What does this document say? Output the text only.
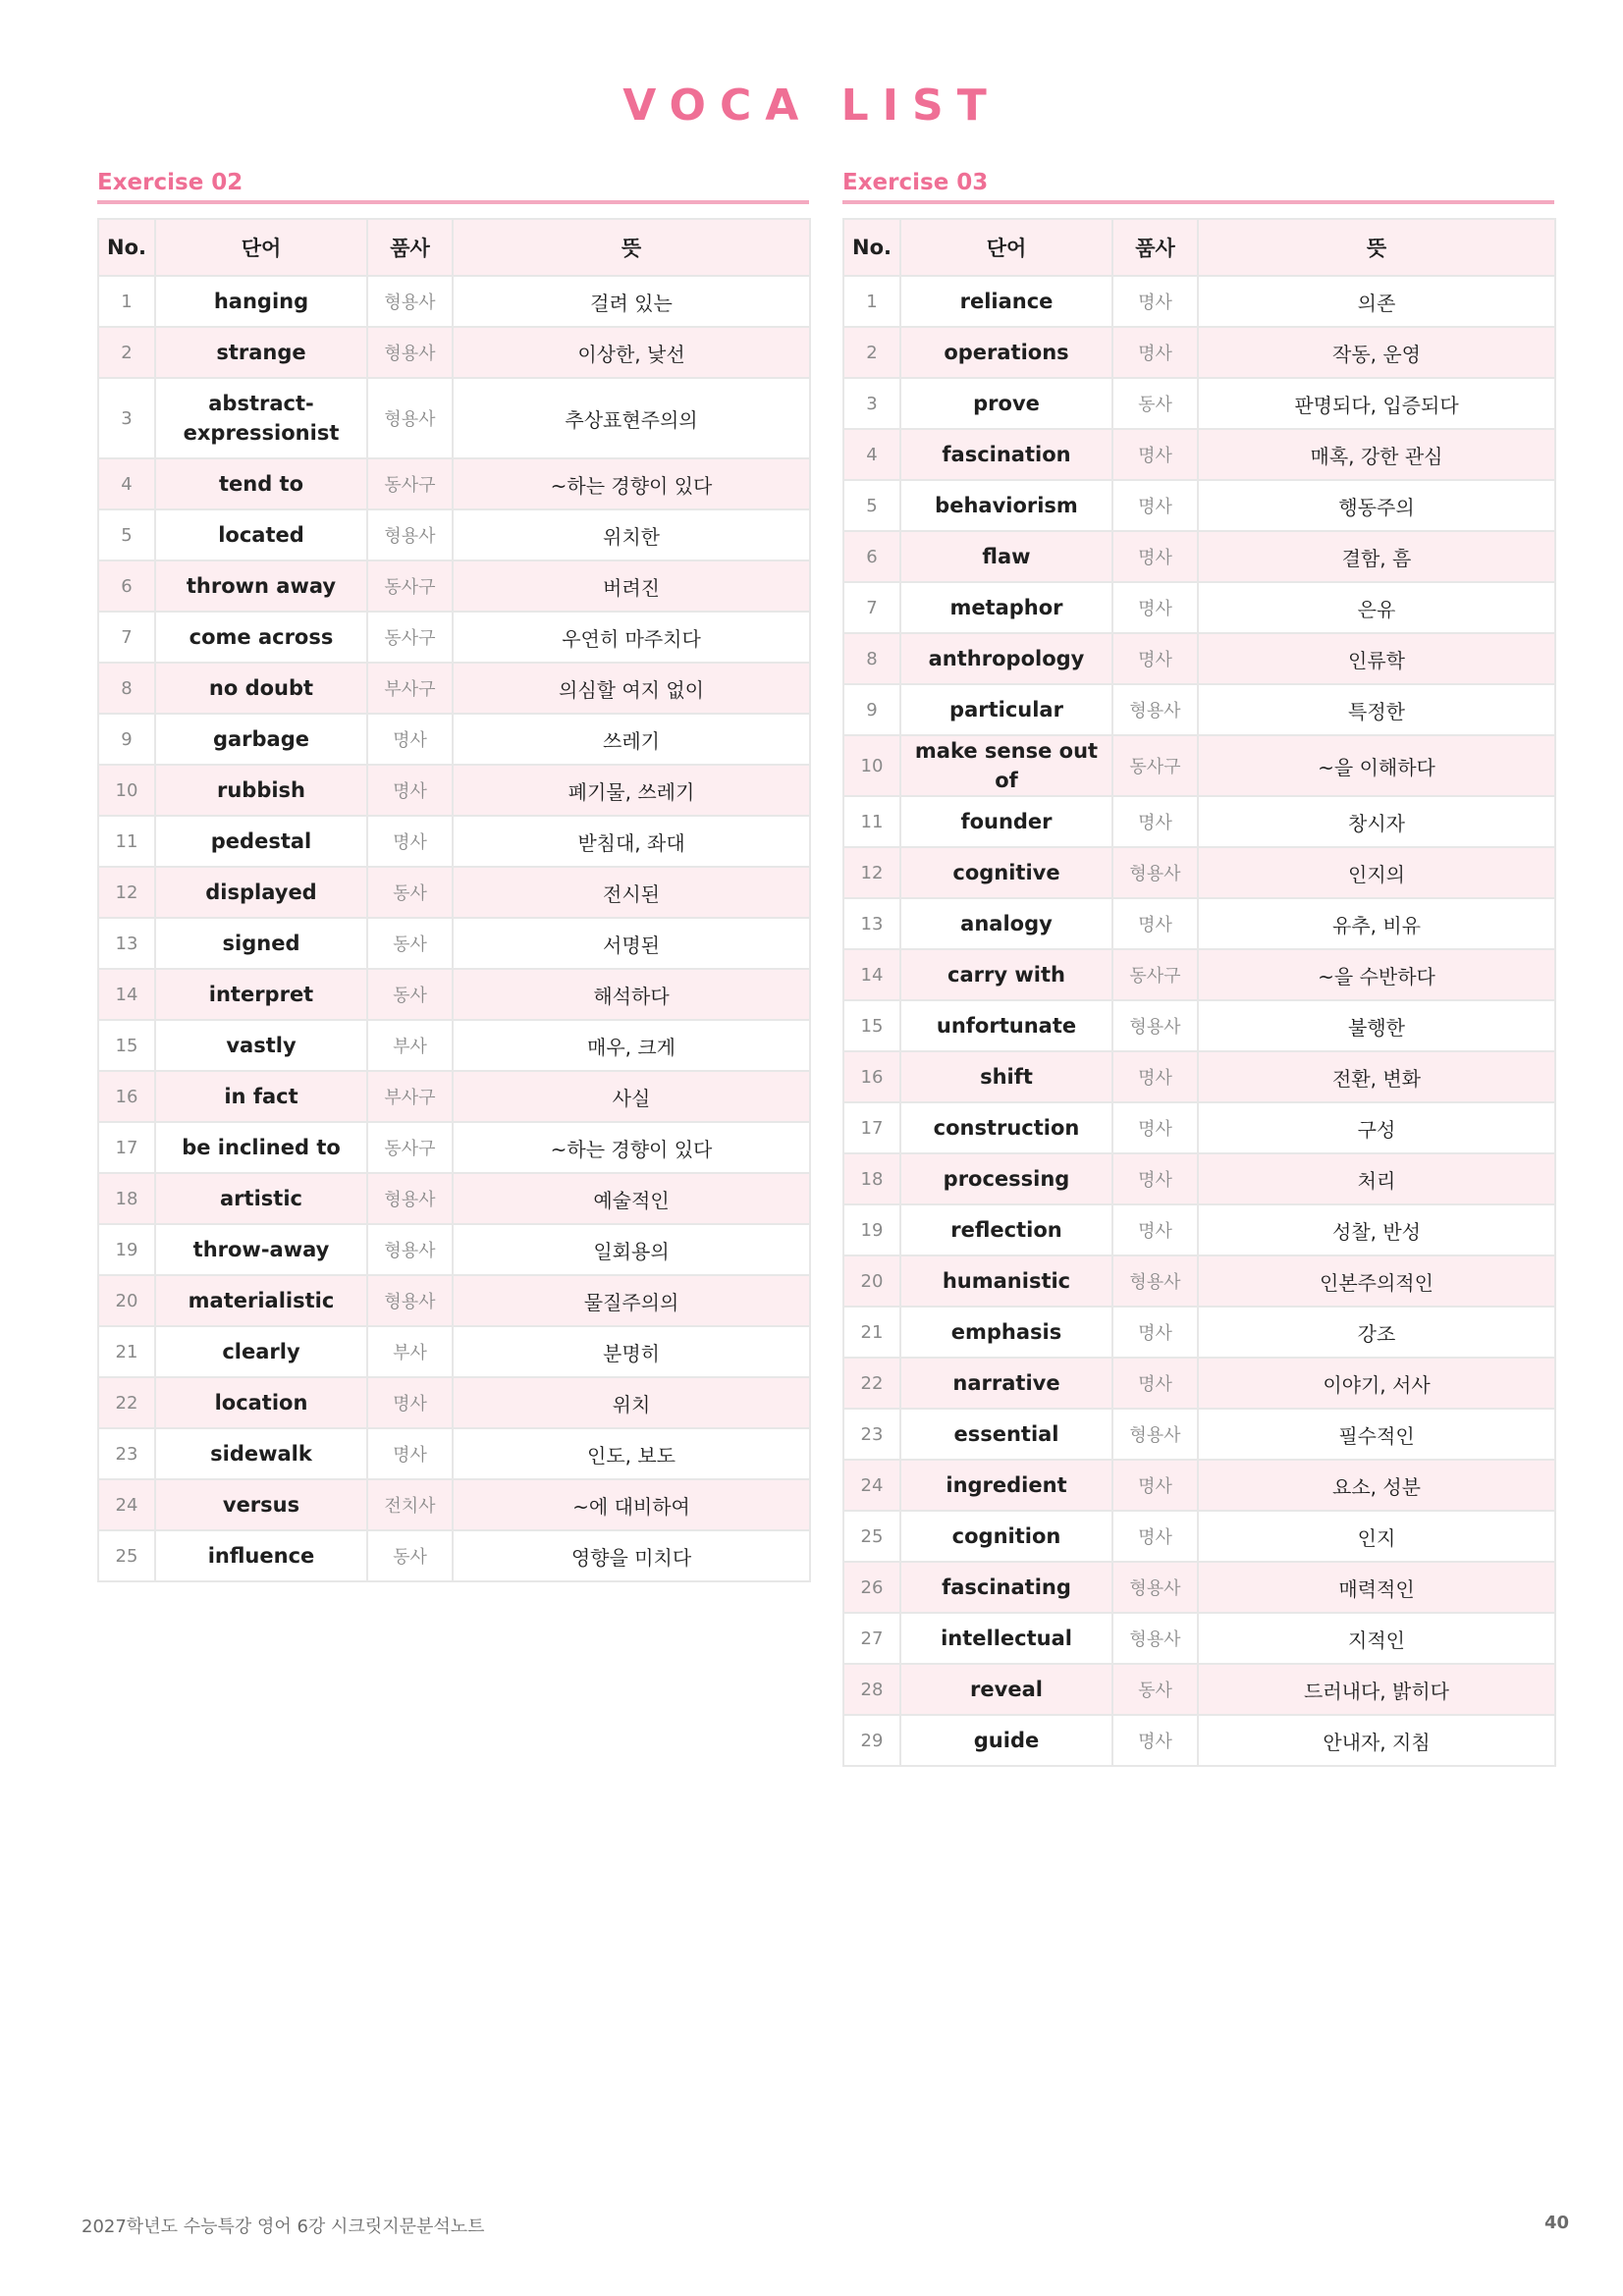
VOCA LIST
Exercise 02
No.	단어	품사	뜻
1	hanging	형용사	걸려 있는
2	strange	형용사	이상한, 낯선
3	abstract-expressionist	형용사	추상표현주의의
4	tend to	동사구	~하는 경향이 있다
5	located	형용사	위치한
6	thrown away	동사구	버려진
7	come across	동사구	우연히 마주치다
8	no doubt	부사구	의심할 여지 없이
9	garbage	명사	쓰레기
10	rubbish	명사	폐기물, 쓰레기
11	pedestal	명사	받침대, 좌대
12	displayed	동사	전시된
13	signed	동사	서명된
14	interpret	동사	해석하다
15	vastly	부사	매우, 크게
16	in fact	부사구	사실
17	be inclined to	동사구	~하는 경향이 있다
18	artistic	형용사	예술적인
19	throw-away	형용사	일회용의
20	materialistic	형용사	물질주의의
21	clearly	부사	분명히
22	location	명사	위치
23	sidewalk	명사	인도, 보도
24	versus	전치사	~에 대비하여
25	influence	동사	영향을 미치다
Exercise 03
No.	단어	품사	뜻
1	reliance	명사	의존
2	operations	명사	작동, 운영
3	prove	동사	판명되다, 입증되다
4	fascination	명사	매혹, 강한 관심
5	behaviorism	명사	행동주의
6	flaw	명사	결함, 흠
7	metaphor	명사	은유
8	anthropology	명사	인류학
9	particular	형용사	특정한
10	make sense out of	동사구	~을 이해하다
11	founder	명사	창시자
12	cognitive	형용사	인지의
13	analogy	명사	유추, 비유
14	carry with	동사구	~을 수반하다
15	unfortunate	형용사	불행한
16	shift	명사	전환, 변화
17	construction	명사	구성
18	processing	명사	처리
19	reflection	명사	성찰, 반성
20	humanistic	형용사	인본주의적인
21	emphasis	명사	강조
22	narrative	명사	이야기, 서사
23	essential	형용사	필수적인
24	ingredient	명사	요소, 성분
25	cognition	명사	인지
26	fascinating	형용사	매력적인
27	intellectual	형용사	지적인
28	reveal	동사	드러내다, 밝히다
29	guide	명사	안내자, 지침
2027학년도 수능특강 영어 6강 시크릿지문분석노트	40
